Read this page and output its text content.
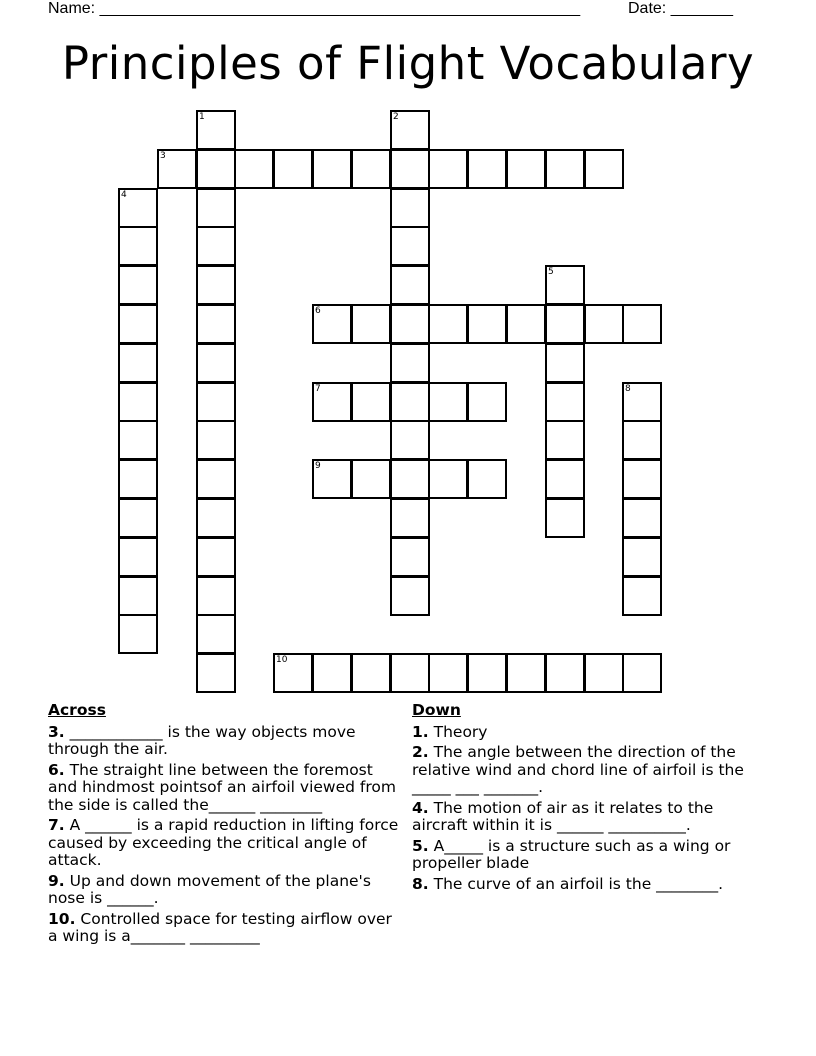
Name: ______________________________________________________	Date: _______
Principles of Flight Vocabulary
1	2
3
4
5
6
7	8
9
10
Across
3. ____________ is the way objects move through the air.
6. The straight line between the foremost and hindmost pointsof an airfoil viewed from the side is called the______ ________
7. A ______ is a rapid reduction in lifting force caused by exceeding the critical angle of attack.
9. Up and down movement of the plane's nose is ______.
10. Controlled space for testing airflow over a wing is a_______ _________
Down
1. Theory
2. The angle between the direction of the relative wind and chord line of airfoil is the _____ ___ _______.
4. The motion of air as it relates to the aircraft within it is ______ __________.
5. A_____ is a structure such as a wing or propeller blade
8. The curve of an airfoil is the ________.
